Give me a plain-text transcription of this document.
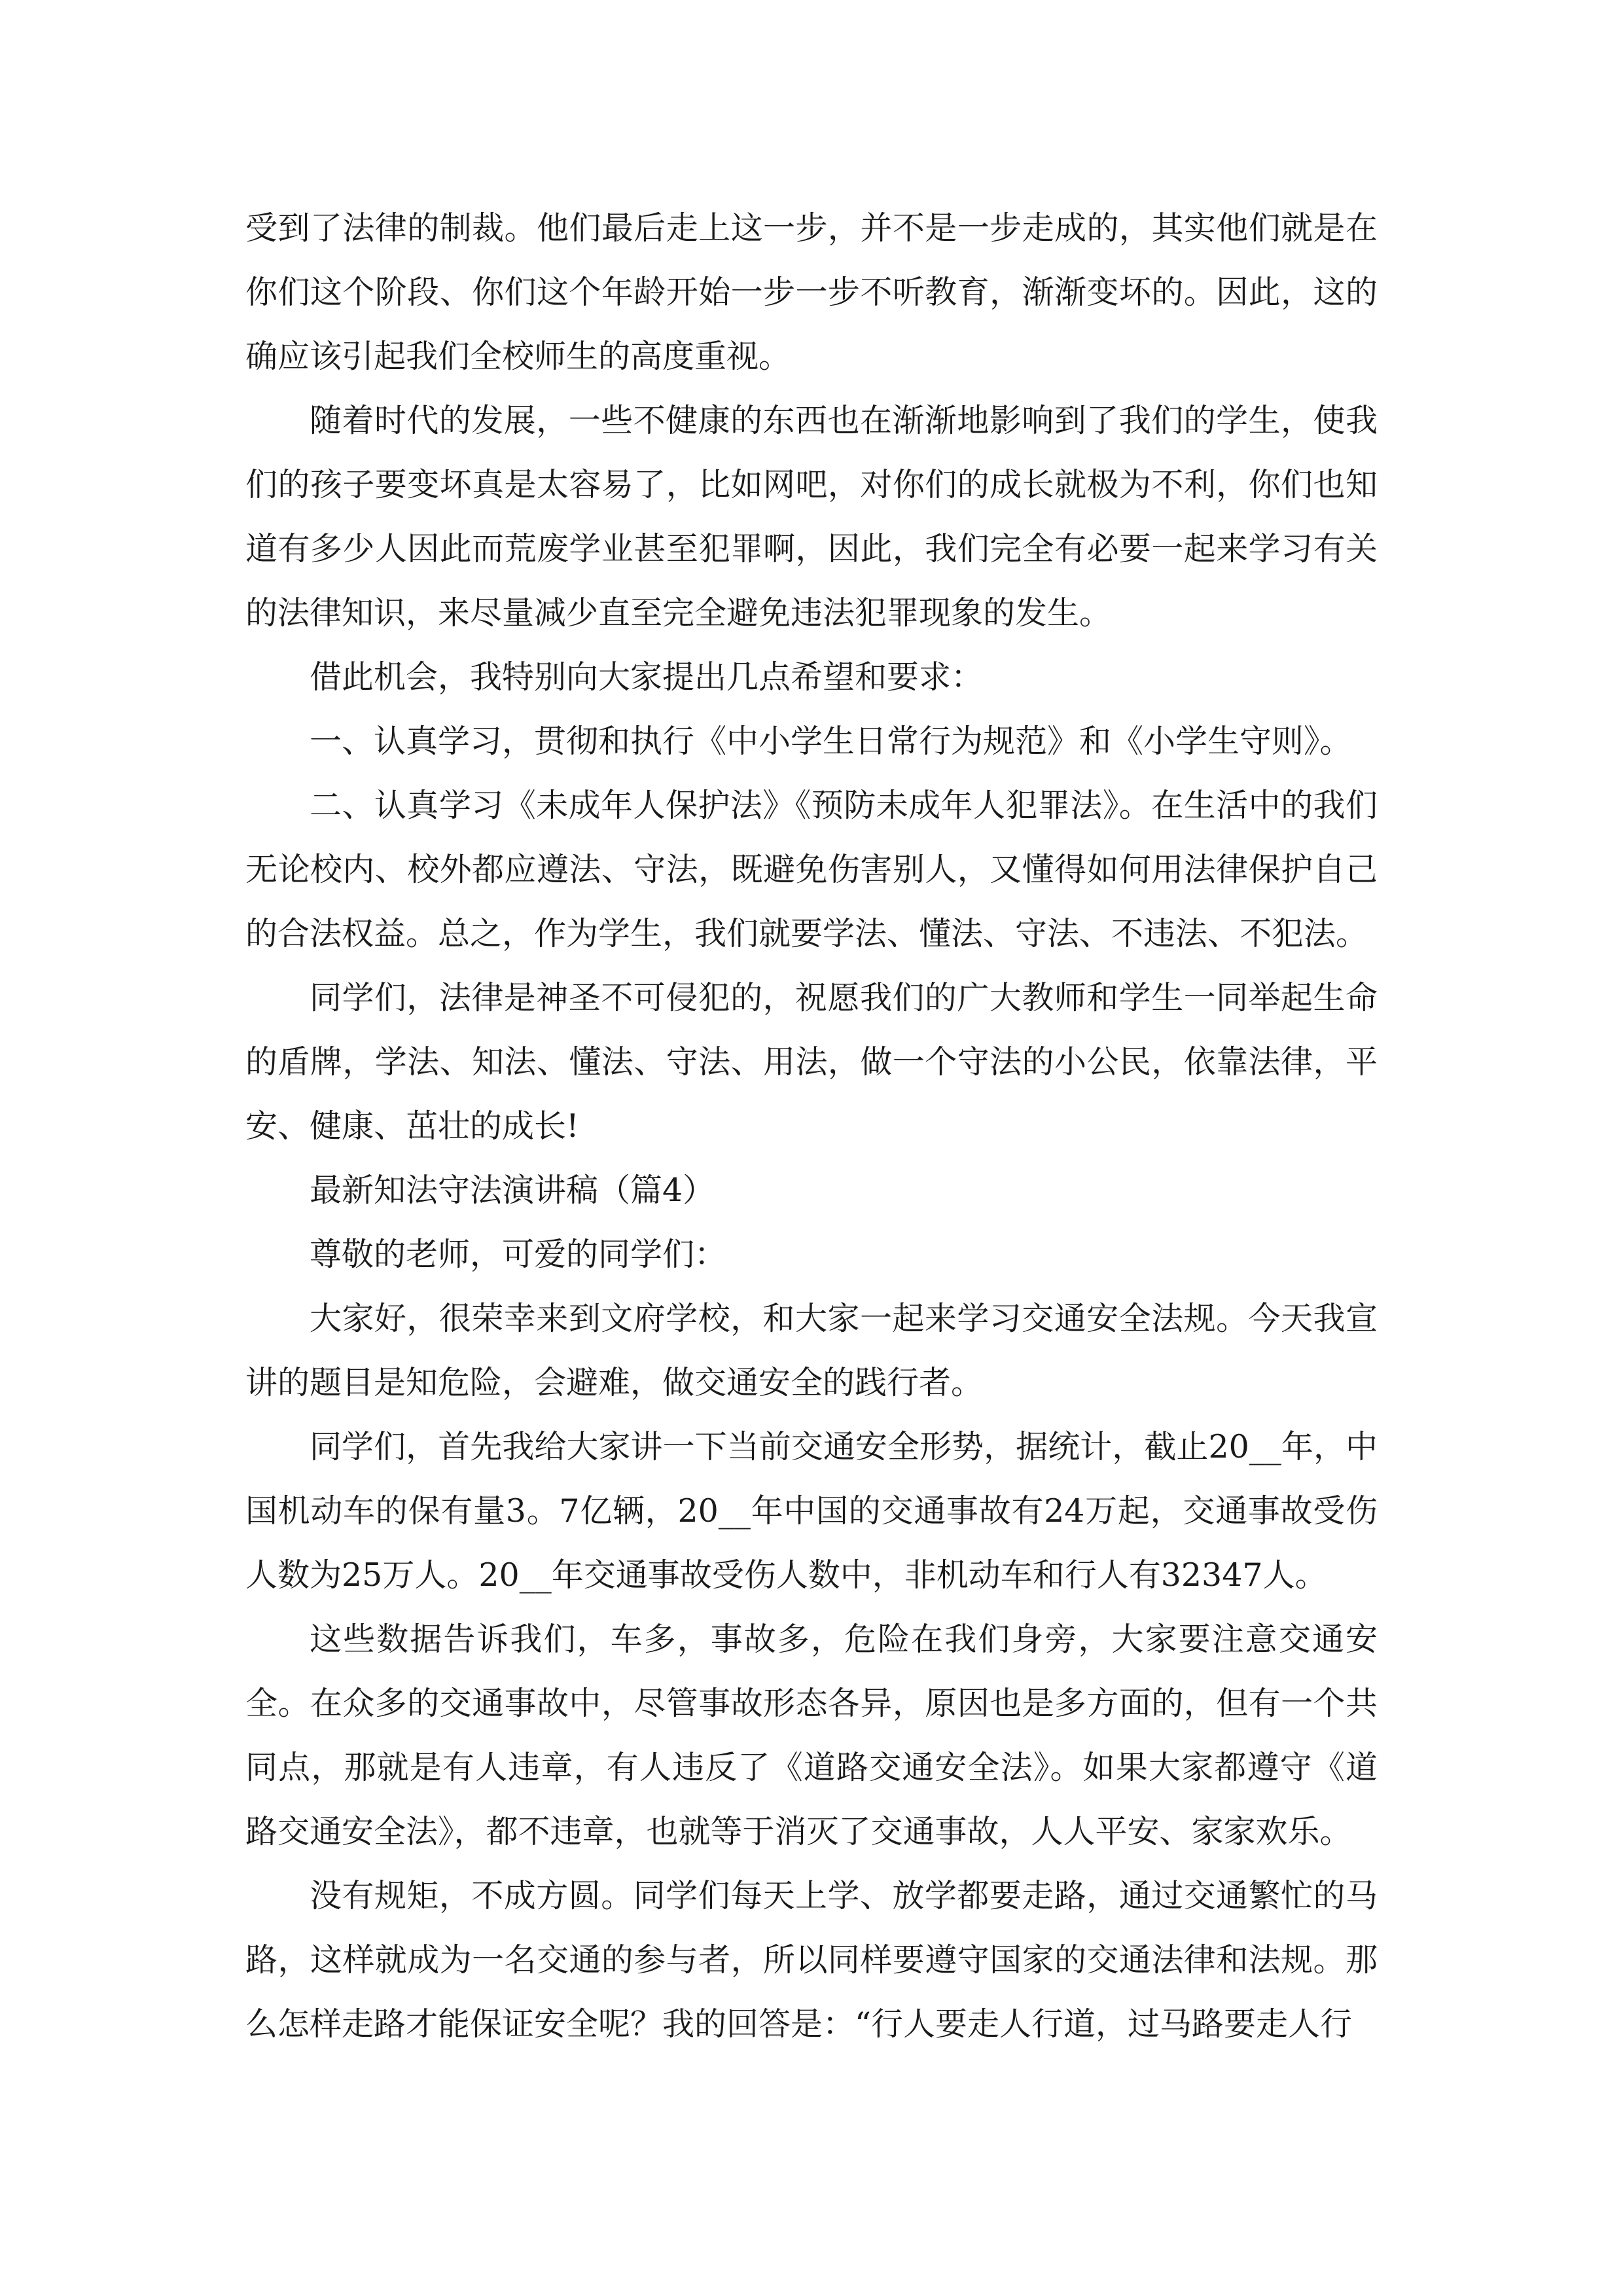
受到了法律的制裁。他们最后走上这一步，并不是一步走成的，其实他们就是在你们这个阶段、你们这个年龄开始一步一步不听教育，渐渐变坏的。因此，这的确应该引起我们全校师生的高度重视。

随着时代的发展，一些不健康的东西也在渐渐地影响到了我们的学生，使我们的孩子要变坏真是太容易了，比如网吧，对你们的成长就极为不利，你们也知道有多少人因此而荒废学业甚至犯罪啊，因此，我们完全有必要一起来学习有关的法律知识，来尽量减少直至完全避免违法犯罪现象的发生。

借此机会，我特别向大家提出几点希望和要求：

一、认真学习，贯彻和执行《中小学生日常行为规范》和《小学生守则》。

二、认真学习《未成年人保护法》《预防未成年人犯罪法》。在生活中的我们无论校内、校外都应遵法、守法，既避免伤害别人，又懂得如何用法律保护自己的合法权益。总之，作为学生，我们就要学法、懂法、守法、不违法、不犯法。

同学们，法律是神圣不可侵犯的，祝愿我们的广大教师和学生一同举起生命的盾牌，学法、知法、懂法、守法、用法，做一个守法的小公民，依靠法律，平安、健康、茁壮的成长!

最新知法守法演讲稿（篇4）

尊敬的老师，可爱的同学们：

大家好，很荣幸来到文府学校，和大家一起来学习交通安全法规。今天我宣讲的题目是知危险，会避难，做交通安全的践行者。

同学们，首先我给大家讲一下当前交通安全形势，据统计，截止20__年，中国机动车的保有量3。7亿辆，20__年中国的交通事故有24万起，交通事故受伤人数为25万人。20__年交通事故受伤人数中，非机动车和行人有32347人。

这些数据告诉我们，车多，事故多，危险在我们身旁，大家要注意交通安全。在众多的交通事故中，尽管事故形态各异，原因也是多方面的，但有一个共同点，那就是有人违章，有人违反了《道路交通安全法》。如果大家都遵守《道路交通安全法》，都不违章，也就等于消灭了交通事故，人人平安、家家欢乐。

没有规矩，不成方圆。同学们每天上学、放学都要走路，通过交通繁忙的马路，这样就成为一名交通的参与者，所以同样要遵守国家的交通法律和法规。那么怎样走路才能保证安全呢？我的回答是：“行人要走人行道，过马路要走人行
